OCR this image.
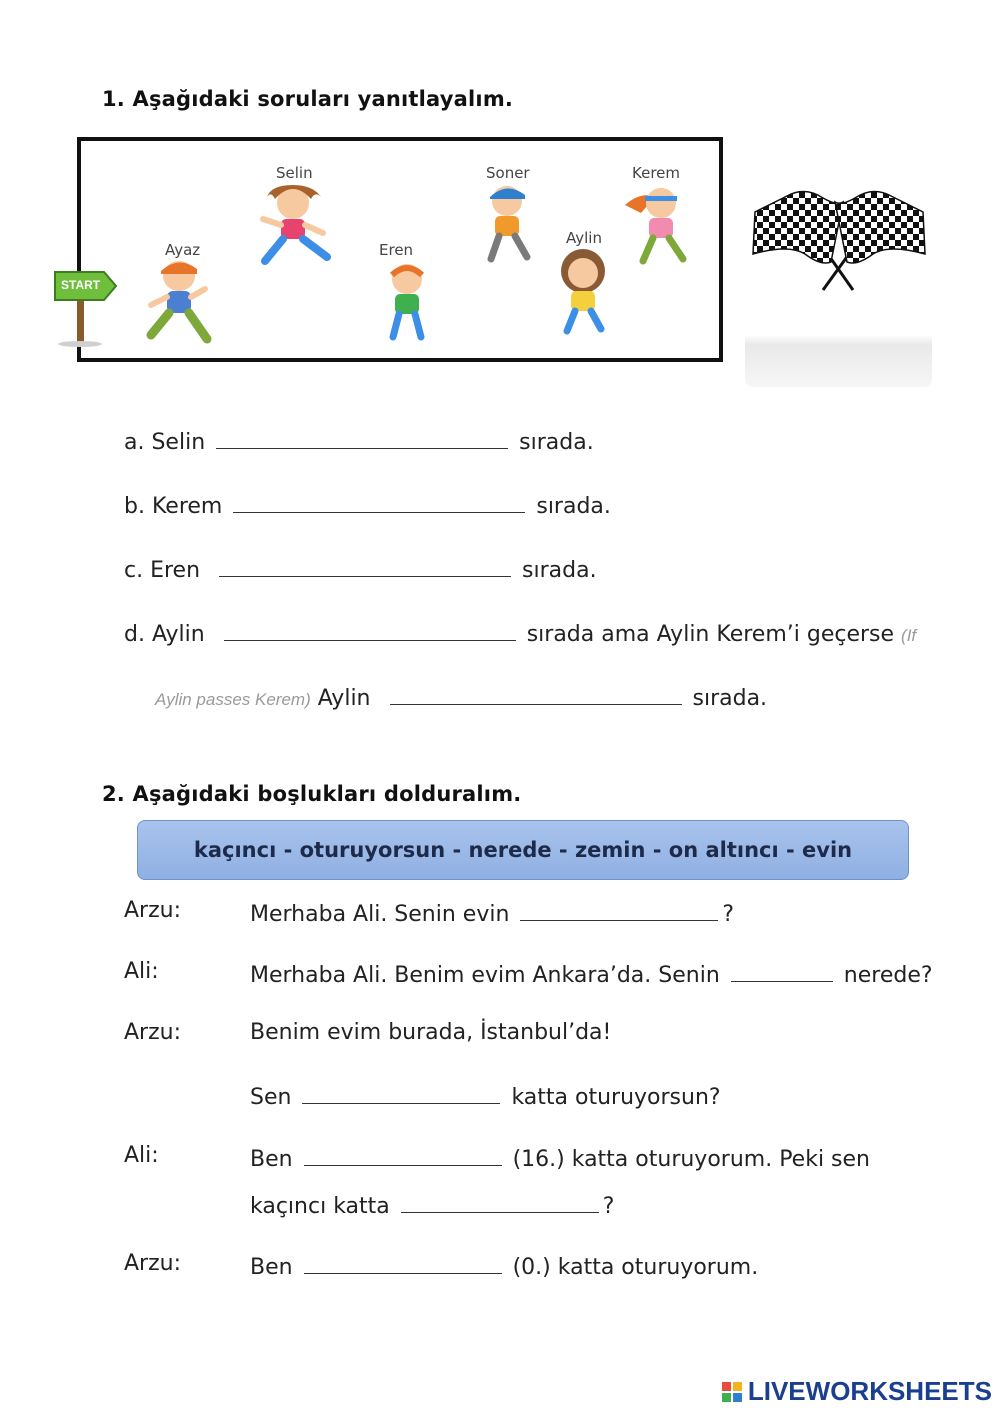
1. Aşağıdaki soruları yanıtlayalım.
Ayaz
Selin
Eren
Soner
Aylin
Kerem
START
a. Selin	sırada.
b. Kerem	sırada.
c. Eren	sırada.
d. Aylin	sırada ama Aylin Kerem’i geçerse (If
Aylin passes Kerem) Aylin	sırada.
2. Aşağıdaki boşlukları dolduralım.
kaçıncı - oturuyorsun - nerede - zemin - on altıncı - evin
Arzu:	Merhaba Ali. Senin evin	?
Ali:	Merhaba Ali. Benim evim Ankara’da. Senin	nerede?
Arzu:	Benim evim burada, İstanbul’da!
Sen	katta oturuyorsun?
Ali:	Ben	(16.) katta oturuyorum. Peki sen
kaçıncı katta	?
Arzu:	Ben	(0.) katta oturuyorum.
LIVEWORKSHEETS
